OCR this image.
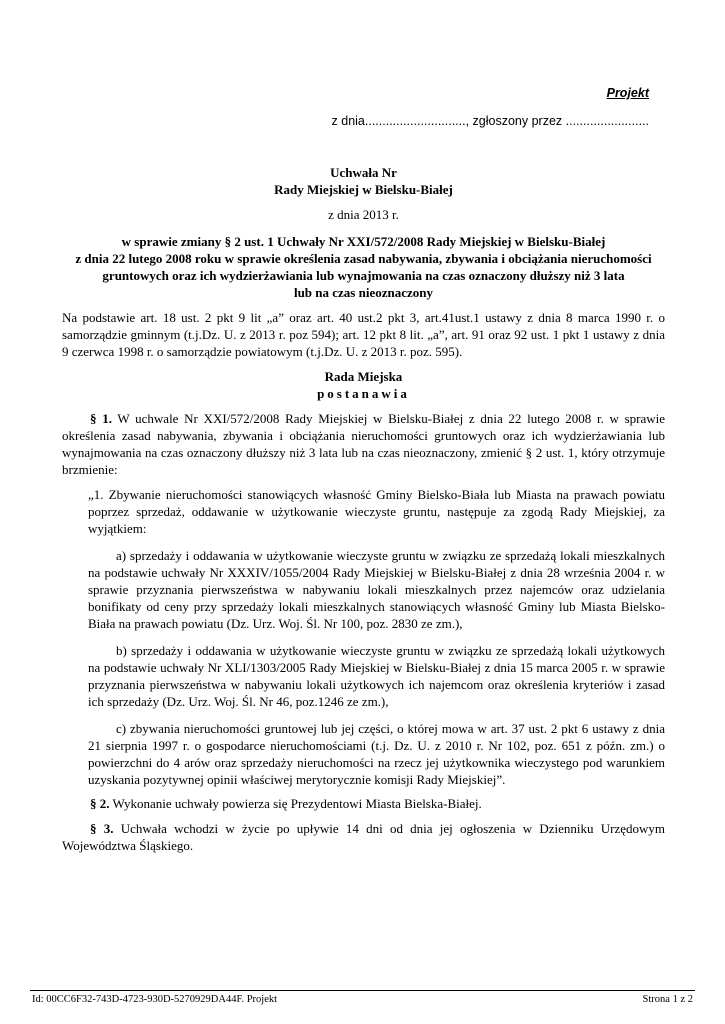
Projekt
z dnia............................., zgłoszony przez ........................

Uchwała Nr

Rady Miejskiej w Bielsku-Białej

z dnia 2013 r.

w sprawie zmiany § 2 ust. 1 Uchwały Nr XXI/572/2008 Rady Miejskiej w Bielsku-Białej

z dnia 22 lutego 2008 roku w sprawie określenia zasad nabywania, zbywania i obciążania nieruchomości

gruntowych oraz ich wydzierżawiania lub wynajmowania na czas oznaczony dłuższy niż 3 lata

lub na czas nieoznaczony

Na podstawie art. 18 ust. 2 pkt 9 lit „a” oraz art. 40 ust.2 pkt 3, art.41ust.1 ustawy z dnia 8 marca 1990 r. o samorządzie gminnym (t.j.Dz. U. z 2013 r. poz 594); art. 12 pkt 8 lit. „a”, art. 91 oraz 92 ust. 1 pkt 1 ustawy z dnia 9 czerwca 1998 r. o samorządzie powiatowym (t.j.Dz. U. z 2013 r. poz. 595).

Rada Miejska

postanawia

§ 1. W uchwale Nr XXI/572/2008 Rady Miejskiej w Bielsku-Białej z dnia 22 lutego 2008 r. w sprawie określenia zasad nabywania, zbywania i obciążania nieruchomości gruntowych oraz ich wydzierżawiania lub wynajmowania na czas oznaczony dłuższy niż 3 lata lub na czas nieoznaczony, zmienić § 2 ust. 1, który otrzymuje brzmienie:

„1. Zbywanie nieruchomości stanowiących własność Gminy Bielsko-Biała lub Miasta na prawach powiatu poprzez sprzedaż, oddawanie w użytkowanie wieczyste gruntu, następuje za zgodą Rady Miejskiej, za wyjątkiem:

a) sprzedaży i oddawania w użytkowanie wieczyste gruntu w związku ze sprzedażą lokali mieszkalnych na podstawie uchwały Nr XXXIV/1055/2004 Rady Miejskiej w Bielsku-Białej z dnia 28 września 2004 r. w sprawie przyznania pierwszeństwa w nabywaniu lokali mieszkalnych przez najemców oraz udzielania bonifikaty od ceny przy sprzedaży lokali mieszkalnych stanowiących własność Gminy lub Miasta Bielsko-Biała na prawach powiatu (Dz. Urz. Woj. Śl. Nr 100, poz. 2830 ze zm.),

b) sprzedaży i oddawania w użytkowanie wieczyste gruntu w związku ze sprzedażą lokali użytkowych na podstawie uchwały Nr XLI/1303/2005 Rady Miejskiej w Bielsku-Białej z dnia 15 marca 2005 r. w sprawie przyznania pierwszeństwa w nabywaniu lokali użytkowych ich najemcom oraz określenia kryteriów i zasad ich sprzedaży (Dz. Urz. Woj. Śl. Nr 46, poz.1246 ze zm.),

c) zbywania nieruchomości gruntowej lub jej części, o której mowa w art. 37 ust. 2 pkt 6 ustawy z dnia 21 sierpnia 1997 r. o gospodarce nieruchomościami (t.j. Dz. U. z 2010 r. Nr 102, poz. 651 z późn. zm.) o powierzchni do 4 arów oraz sprzedaży nieruchomości na rzecz jej użytkownika wieczystego pod warunkiem uzyskania pozytywnej opinii właściwej merytorycznie komisji Rady Miejskiej”.

§ 2. Wykonanie uchwały powierza się Prezydentowi Miasta Bielska-Białej.

§ 3. Uchwała wchodzi w życie po upływie 14 dni od dnia jej ogłoszenia w Dzienniku Urzędowym Województwa Śląskiego.

Id: 00CC6F32-743D-4723-930D-5270929DA44F. Projekt	Strona 1 z 2
